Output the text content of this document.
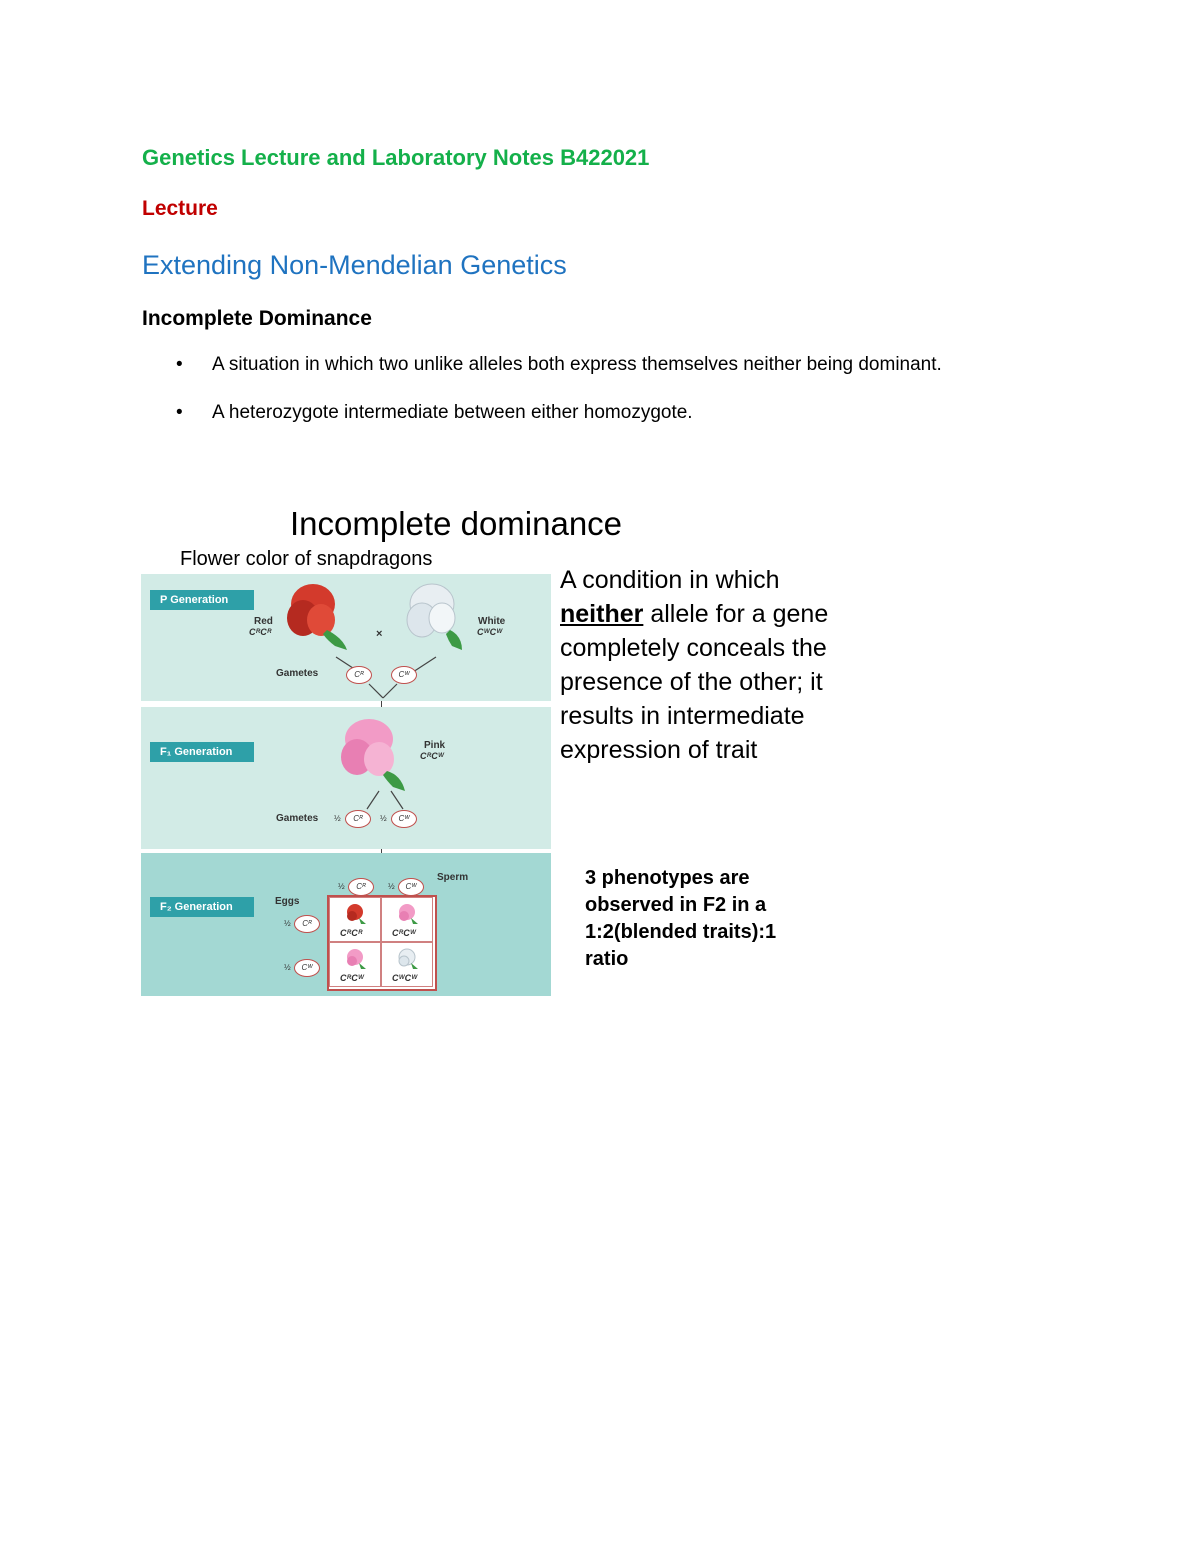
Genetics Lecture and Laboratory Notes B422021
Lecture
Extending Non-Mendelian Genetics
Incomplete Dominance
• A situation in which two unlike alleles both express themselves neither being dominant.
• A heterozygote intermediate between either homozygote.
Incomplete dominance
Flower color of snapdragons
P Generation
Red
CᴿCᴿ	×
White
CᵂCᵂ
Gametes	Cᴿ	Cᵂ
F₁ Generation
Pink
CᴿCᵂ
Gametes ½	Cᴿ	½	Cᵂ
F₂ Generation
½	Cᴿ	½	Cᵂ
Sperm
Eggs
½	Cᴿ
½	Cᵂ
CᴿCᴿ	CᴿCᵂ
CᴿCᵂ	CᵂCᵂ
A condition in which neither allele for a gene completely conceals the presence of the other; it results in intermediate expression of trait
3 phenotypes are observed in F2 in a 1:2(blended traits):1 ratio
